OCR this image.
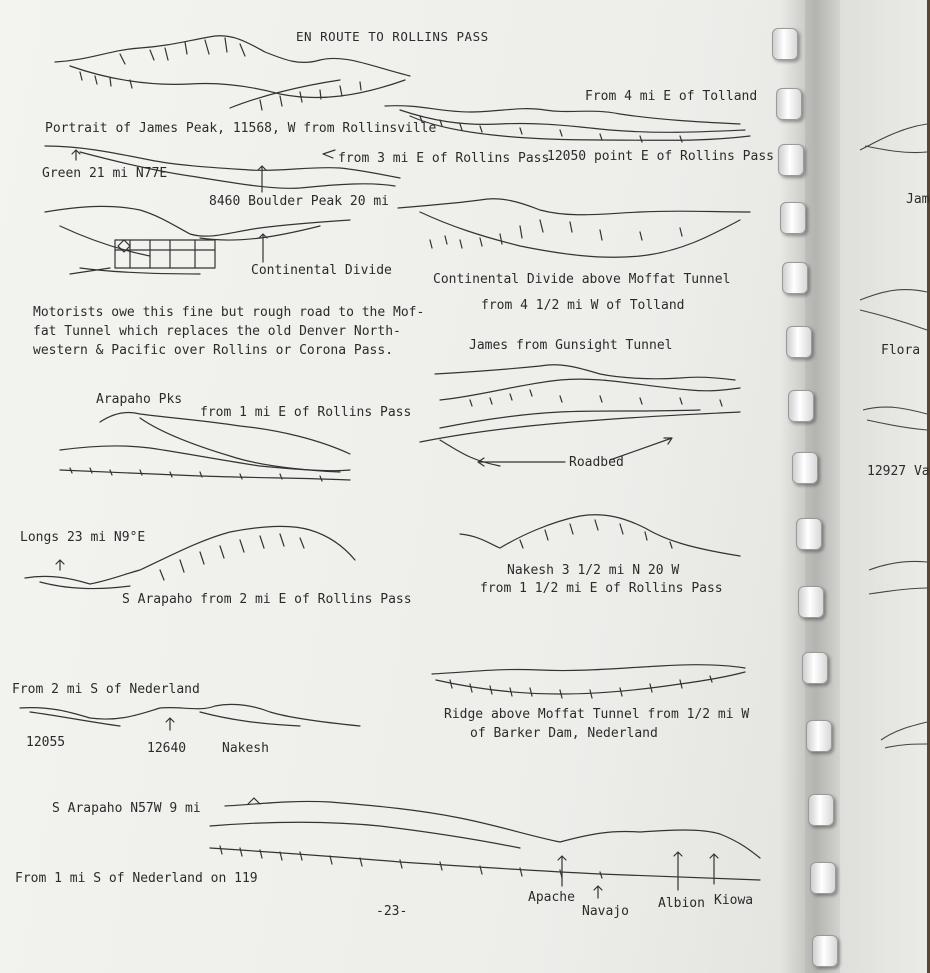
EN ROUTE TO ROLLINS PASS
From 4 mi E of Tolland
Portrait of James Peak, 11568, W from Rollinsville
Green 21 mi N77E
from 3 mi E of Rollins Pass
12050 point E of Rollins Pass
8460 Boulder Peak 20 mi
Continental Divide
Continental Divide above Moffat Tunnel
from 4 1/2 mi W of Tolland
Motorists owe this fine but rough road to the Mof-
fat Tunnel which replaces the old Denver North-
western & Pacific over Rollins or Corona Pass.	James from Gunsight Tunnel
Arapaho Pks
from 1 mi E of Rollins Pass
Roadbed
Longs 23 mi N9°E
Nakesh 3 1/2 mi N 20 W
from 1 1/2 mi E of Rollins Pass
S Arapaho from 2 mi E of Rollins Pass
From 2 mi S of Nederland
Ridge above Moffat Tunnel from 1/2 mi W
of Barker Dam, Nederland
12055	12640	Nakesh
S Arapaho N57W 9 mi
From 1 mi S of Nederland on 119
Apache
Navajo
Albion Kiowa
-23-
Jam
Flora
12927 Va
